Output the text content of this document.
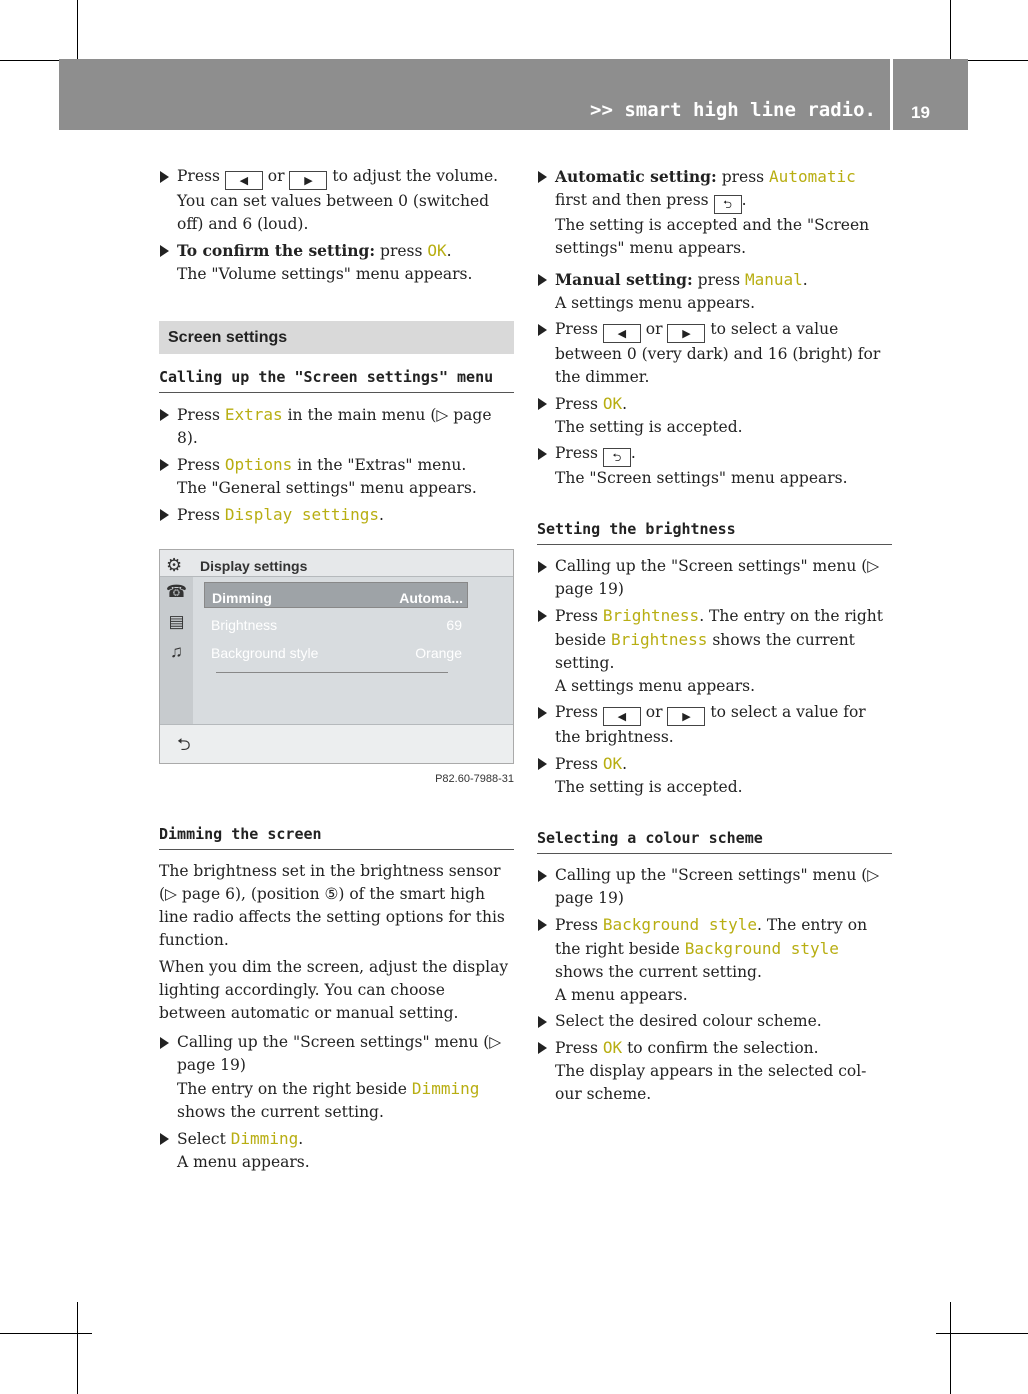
>> smart high line radio. 19
Press ◀ or ▶ to adjust the volume. You can set values between 0 (switched off) and 6 (loud).
To confirm the setting: press OK.
The "Volume settings" menu appears.
Screen settings
Calling up the "Screen settings" menu
Press Extras in the main menu (▷ page 8).
Press Options in the "Extras" menu.
The "General settings" menu appears.
Press Display settings.
⚙ Display settings
☎
▤
♫
Dimming	Automa...
Brightness	69
Background style	Orange
⮌
P82.60-7988-31
Dimming the screen
The brightness set in the brightness sensor (▷ page 6), (position ⑤) of the smart high line radio affects the setting options for this function.
When you dim the screen, adjust the display lighting accordingly. You can choose between automatic or manual setting.
Calling up the "Screen settings" menu (▷ page 19)
The entry on the right beside Dimming shows the current setting.
Select Dimming.
A menu appears.
Automatic setting: press Automatic first and then press ⮌ .
The setting is accepted and the "Screen settings" menu appears.
Manual setting: press Manual.
A settings menu appears.
Press ◀ or ▶ to select a value between 0 (very dark) and 16 (bright) for the dimmer.
Press OK.
The setting is accepted.
Press ⮌ .
The "Screen settings" menu appears.
Setting the brightness
Calling up the "Screen settings" menu (▷ page 19)
Press Brightness. The entry on the right beside Brightness shows the current setting.
A settings menu appears.
Press ◀ or ▶ to select a value for the brightness.
Press OK.
The setting is accepted.
Selecting a colour scheme
Calling up the "Screen settings" menu (▷ page 19)
Press Background style. The entry on the right beside Background style shows the current setting.
A menu appears.
Select the desired colour scheme.
Press OK to confirm the selection.
The display appears in the selected col-our scheme.
